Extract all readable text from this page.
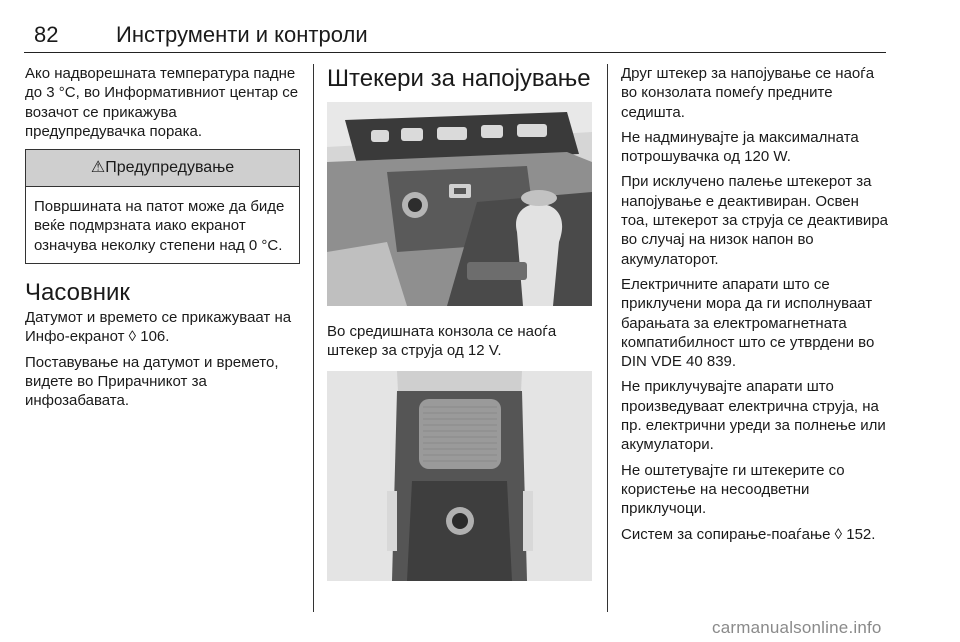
82	Инструменти и контроли

Ако надворешната температура падне до 3 °C, во Информативниот центар се возачот се прикажува предупредувачка порака.

⚠Предупредување

Површината на патот може да биде веќе подмрзната иако екранот означува неколку степени над 0 °C.

Часовник

Датумот и времето се прикажуваат на Инфо-екранот ◊ 106.

Поставување на датумот и времето, видете во Прирачникот за инфозабавата.

Штекери за напојување

Во средишната конзола се наоѓа штекер за струја од 12 V.

Друг штекер за напојување се наоѓа во конзолата помеѓу предните седишта.

Не надминувајте ја максималната потрошувачка од 120 W.

При исклучено палење штекерот за напојување е деактивиран. Освен тоа, штекерот за струја се деактивира во случај на низок напон во акумулаторот.

Електричните апарати што се приклучени мора да ги исполнуваат барањата за електромагнетната компатибилност што се утврдени во DIN VDE 40 839.

Не приклучувајте апарати што произведуваат електрична струја, на пр. електрични уреди за полнење или акумулатори.

Не оштетувајте ги штекерите со користење на несоодветни приклучоци.

Систем за сопирање-поаѓање ◊ 152.

carmanualsonline.info
